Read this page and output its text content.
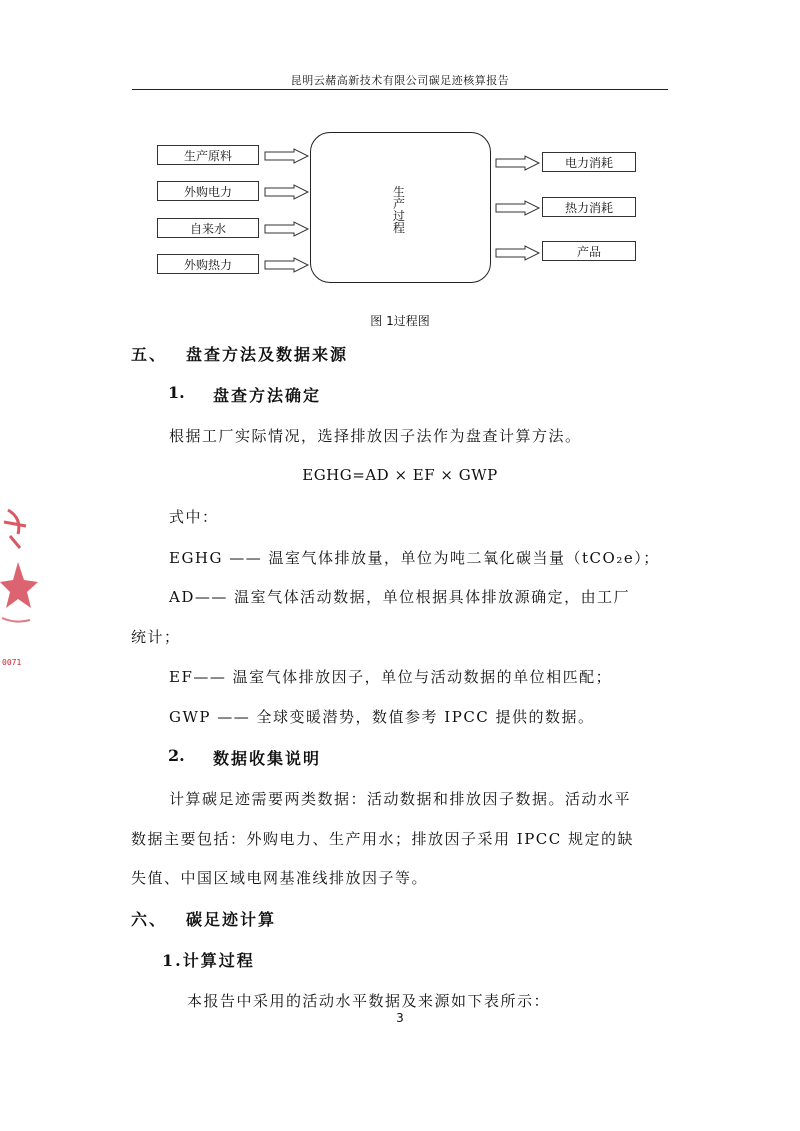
昆明云赭高新技术有限公司碳足迹核算报告
生产原料
外购电力
自来水
外购热力
生
产
过
程
电力消耗
热力消耗
产品
图 1过程图
五、 盘查方法及数据来源
1. 盘查方法确定
根据工厂实际情况，选择排放因子法作为盘查计算方法。
EGHG=AD × EF × GWP
式中：
EGHG —— 温室气体排放量，单位为吨二氧化碳当量（tCO₂e）；
AD—— 温室气体活动数据，单位根据具体排放源确定，由工厂
统计；
EF—— 温室气体排放因子，单位与活动数据的单位相匹配；
GWP —— 全球变暖潜势，数值参考 IPCC 提供的数据。
2. 数据收集说明
计算碳足迹需要两类数据：活动数据和排放因子数据。活动水平
数据主要包括：外购电力、生产用水；排放因子采用 IPCC 规定的缺
失值、中国区域电网基准线排放因子等。
六、 碳足迹计算
1.计算过程
本报告中采用的活动水平数据及来源如下表所示：
3
0071
